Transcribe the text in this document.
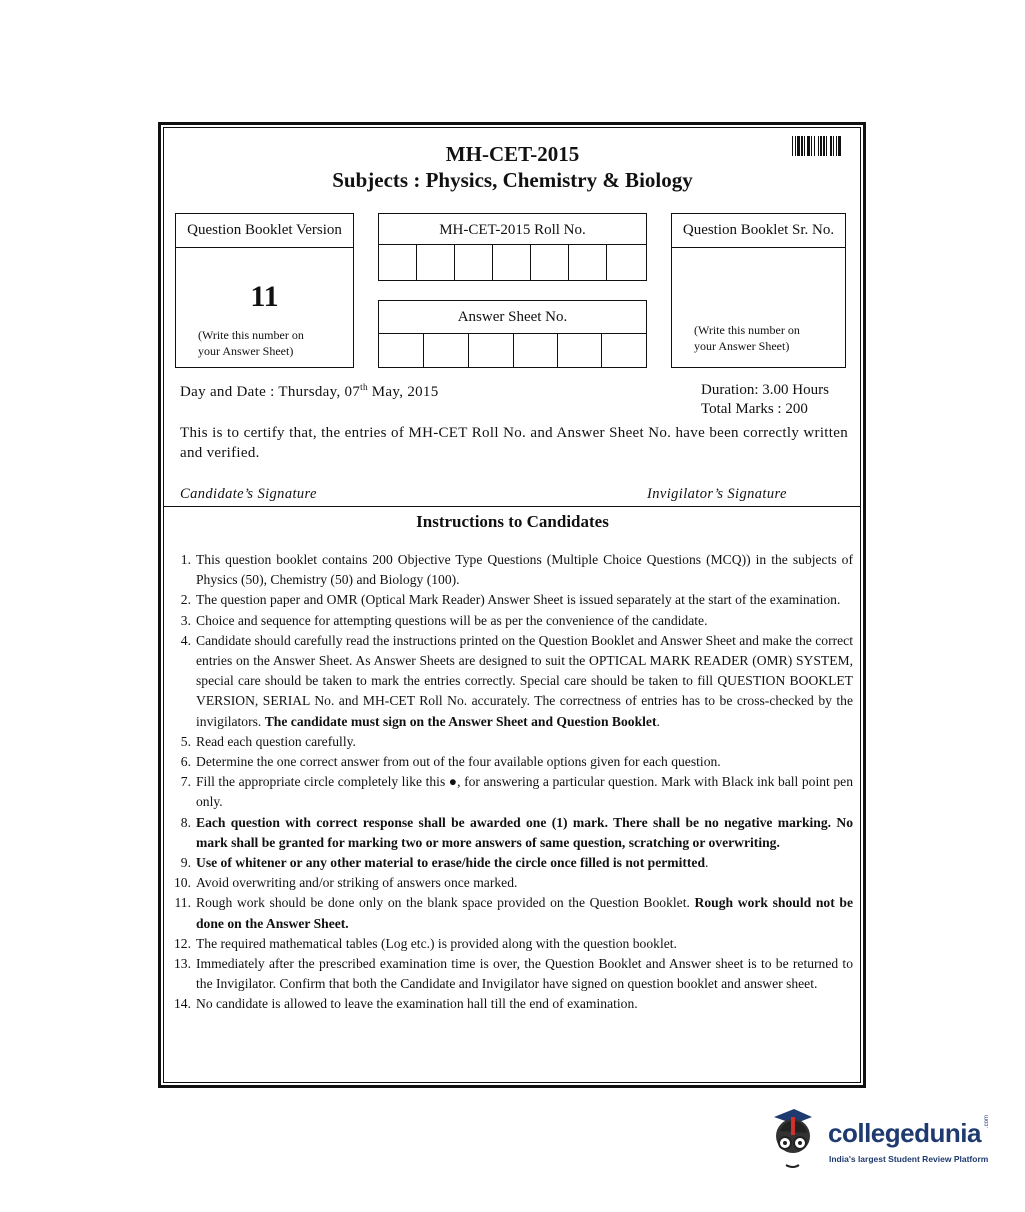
MH-CET-2015
Subjects : Physics, Chemistry & Biology
Question Booklet Version
11
(Write this number on
your Answer Sheet)
MH-CET-2015 Roll No.
Answer Sheet No.
Question Booklet Sr. No.
(Write this number on
your Answer Sheet)
Day and Date : Thursday, 07th May, 2015	Duration: 3.00 Hours
Total Marks : 200
This is to certify that, the entries of MH-CET Roll No. and Answer Sheet No. have been correctly written and verified.
Candidate’s Signature	Invigilator’s Signature
Instructions to Candidates
1. This question booklet contains 200 Objective Type Questions (Multiple Choice Questions (MCQ)) in the subjects of Physics (50), Chemistry (50) and Biology (100).
2. The question paper and OMR (Optical Mark Reader) Answer Sheet is issued separately at the start of the examination.
3. Choice and sequence for attempting questions will be as per the convenience of the candidate.
4. Candidate should carefully read the instructions printed on the Question Booklet and Answer Sheet and make the correct entries on the Answer Sheet. As Answer Sheets are designed to suit the OPTICAL MARK READER (OMR) SYSTEM, special care should be taken to mark the entries correctly. Special care should be taken to fill QUESTION BOOKLET VERSION, SERIAL No. and MH-CET Roll No. accurately. The correctness of entries has to be cross-checked by the invigilators. The candidate must sign on the Answer Sheet and Question Booklet.
5. Read each question carefully.
6. Determine the one correct answer from out of the four available options given for each question.
7. Fill the appropriate circle completely like this ●, for answering a particular question. Mark with Black ink ball point pen only.
8. Each question with correct response shall be awarded one (1) mark. There shall be no negative marking. No mark shall be granted for marking two or more answers of same question, scratching or overwriting.
9. Use of whitener or any other material to erase/hide the circle once filled is not permitted.
10. Avoid overwriting and/or striking of answers once marked.
11. Rough work should be done only on the blank space provided on the Question Booklet. Rough work should not be done on the Answer Sheet.
12. The required mathematical tables (Log etc.) is provided along with the question booklet.
13. Immediately after the prescribed examination time is over, the Question Booklet and Answer sheet is to be returned to the Invigilator. Confirm that both the Candidate and Invigilator have signed on question booklet and answer sheet.
14. No candidate is allowed to leave the examination hall till the end of examination.
collegedunia .com
India's largest Student Review Platform
